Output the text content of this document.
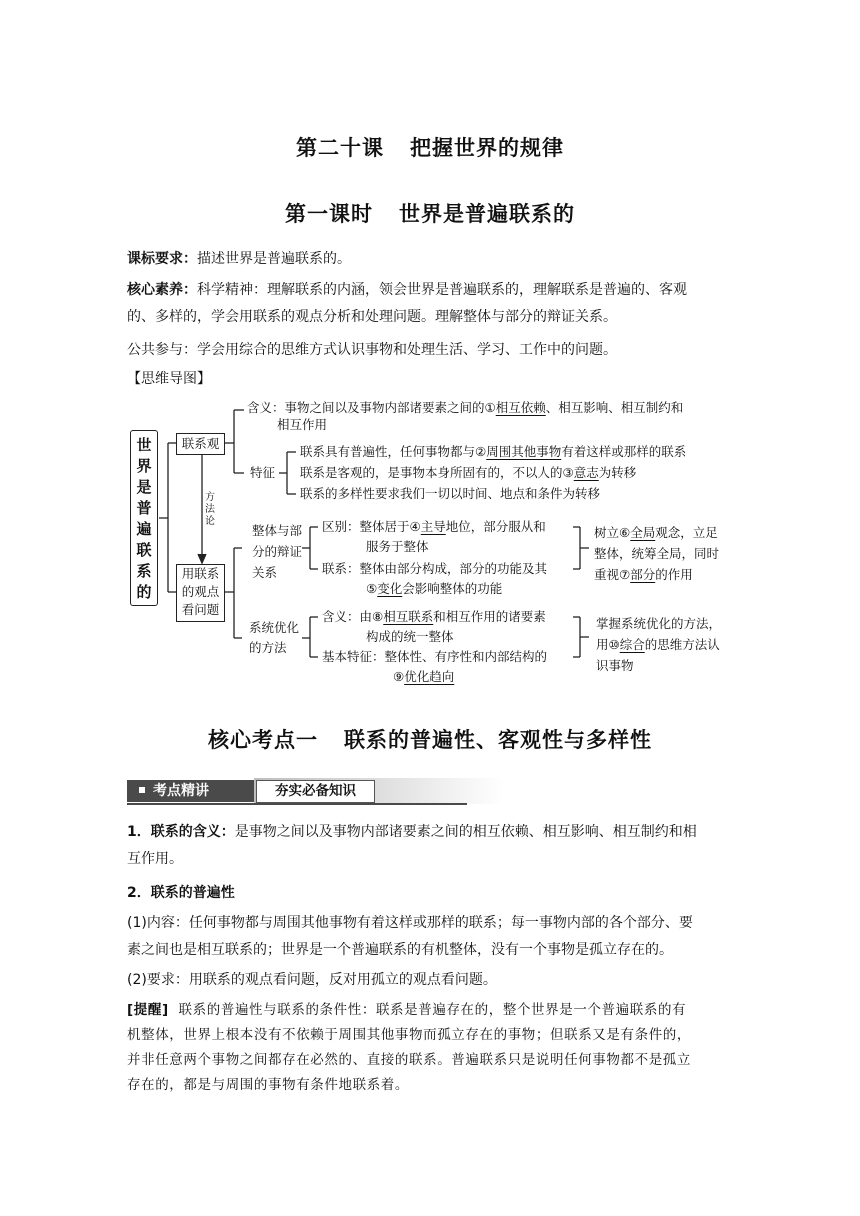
第二十课 把握世界的规律
第一课时 世界是普遍联系的
课标要求：描述世界是普遍联系的。
核心素养：科学精神：理解联系的内涵，领会世界是普遍联系的，理解联系是普遍的、客观
的、多样的，学会用联系的观点分析和处理问题。理解整体与部分的辩证关系。
公共参与：学会用综合的思维方式认识事物和处理生活、学习、工作中的问题。
【思维导图】
世
界
是
普
遍
联
系
的
联系观
用联系
的观点
看问题
方
法
论
含义：事物之间以及事物内部诸要素之间的①相互依赖、相互影响、相互制约和
相互作用
特征
联系具有普遍性，任何事物都与②周围其他事物有着这样或那样的联系
联系是客观的，是事物本身所固有的，不以人的③意志为转移
联系的多样性要求我们一切以时间、地点和条件为转移
整体与部
分的辩证
关系
区别：整体居于④主导地位，部分服从和
服务于整体
联系：整体由部分构成，部分的功能及其
⑤变化会影响整体的功能
树立⑥全局观念，立足
整体，统筹全局，同时
重视⑦部分的作用
系统优化
的方法
含义：由⑧相互联系和相互作用的诸要素
构成的统一整体
基本特征：整体性、有序性和内部结构的
⑨优化趋向
掌握系统优化的方法，
用⑩综合的思维方法认
识事物
核心考点一 联系的普遍性、客观性与多样性
考点精讲	夯实必备知识
1．联系的含义：是事物之间以及事物内部诸要素之间的相互依赖、相互影响、相互制约和相
互作用。
2．联系的普遍性
(1)内容：任何事物都与周围其他事物有着这样或那样的联系；每一事物内部的各个部分、要
素之间也是相互联系的；世界是一个普遍联系的有机整体，没有一个事物是孤立存在的。
(2)要求：用联系的观点看问题，反对用孤立的观点看问题。
[提醒] 联系的普遍性与联系的条件性：联系是普遍存在的，整个世界是一个普遍联系的有
机整体，世界上根本没有不依赖于周围其他事物而孤立存在的事物；但联系又是有条件的，
并非任意两个事物之间都存在必然的、直接的联系。普遍联系只是说明任何事物都不是孤立
存在的，都是与周围的事物有条件地联系着。
